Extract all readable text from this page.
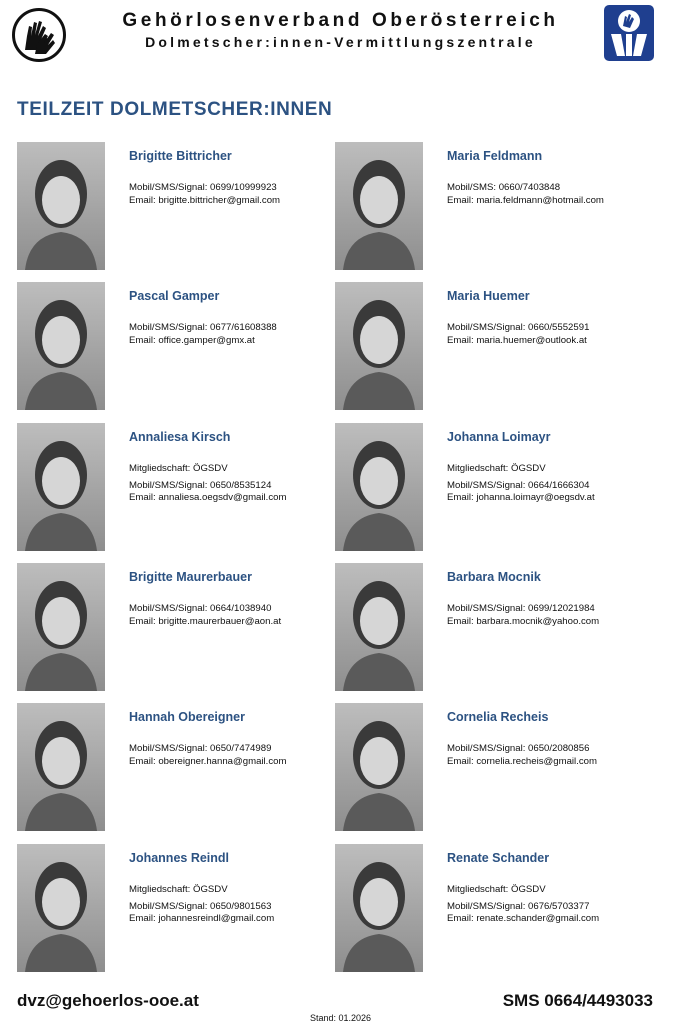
Gehörlosenverband Oberösterreich
Dolmetscher:innen-Vermittlungszentrale
TEILZEIT DOLMETSCHER:INNEN
Brigitte Bittricher
Mobil/SMS/Signal: 0699/10999923
Email: brigitte.bittricher@gmail.com
Maria Feldmann
Mobil/SMS: 0660/7403848
Email: maria.feldmann@hotmail.com
Pascal Gamper
Mobil/SMS/Signal: 0677/61608388
Email: office.gamper@gmx.at
Maria Huemer
Mobil/SMS/Signal: 0660/5552591
Email: maria.huemer@outlook.at
Annaliesa Kirsch
Mitgliedschaft: ÖGSDV
Mobil/SMS/Signal: 0650/8535124
Email: annaliesa.oegsdv@gmail.com
Johanna Loimayr
Mitgliedschaft: ÖGSDV
Mobil/SMS/Signal: 0664/1666304
Email: johanna.loimayr@oegsdv.at
Brigitte Maurerbauer
Mobil/SMS/Signal: 0664/1038940
Email: brigitte.maurerbauer@aon.at
Barbara Mocnik
Mobil/SMS/Signal: 0699/12021984
Email: barbara.mocnik@yahoo.com
Hannah Obereigner
Mobil/SMS/Signal: 0650/7474989
Email: obereigner.hanna@gmail.com
Cornelia Recheis
Mobil/SMS/Signal: 0650/2080856
Email: cornelia.recheis@gmail.com
Johannes Reindl
Mitgliedschaft: ÖGSDV
Mobil/SMS/Signal: 0650/9801563
Email: johannesreindl@gmail.com
Renate Schander
Mitgliedschaft: ÖGSDV
Mobil/SMS/Signal: 0676/5703377
Email: renate.schander@gmail.com
dvz@gehoerlos-ooe.at	SMS 0664/4493033
Stand: 01.2026
